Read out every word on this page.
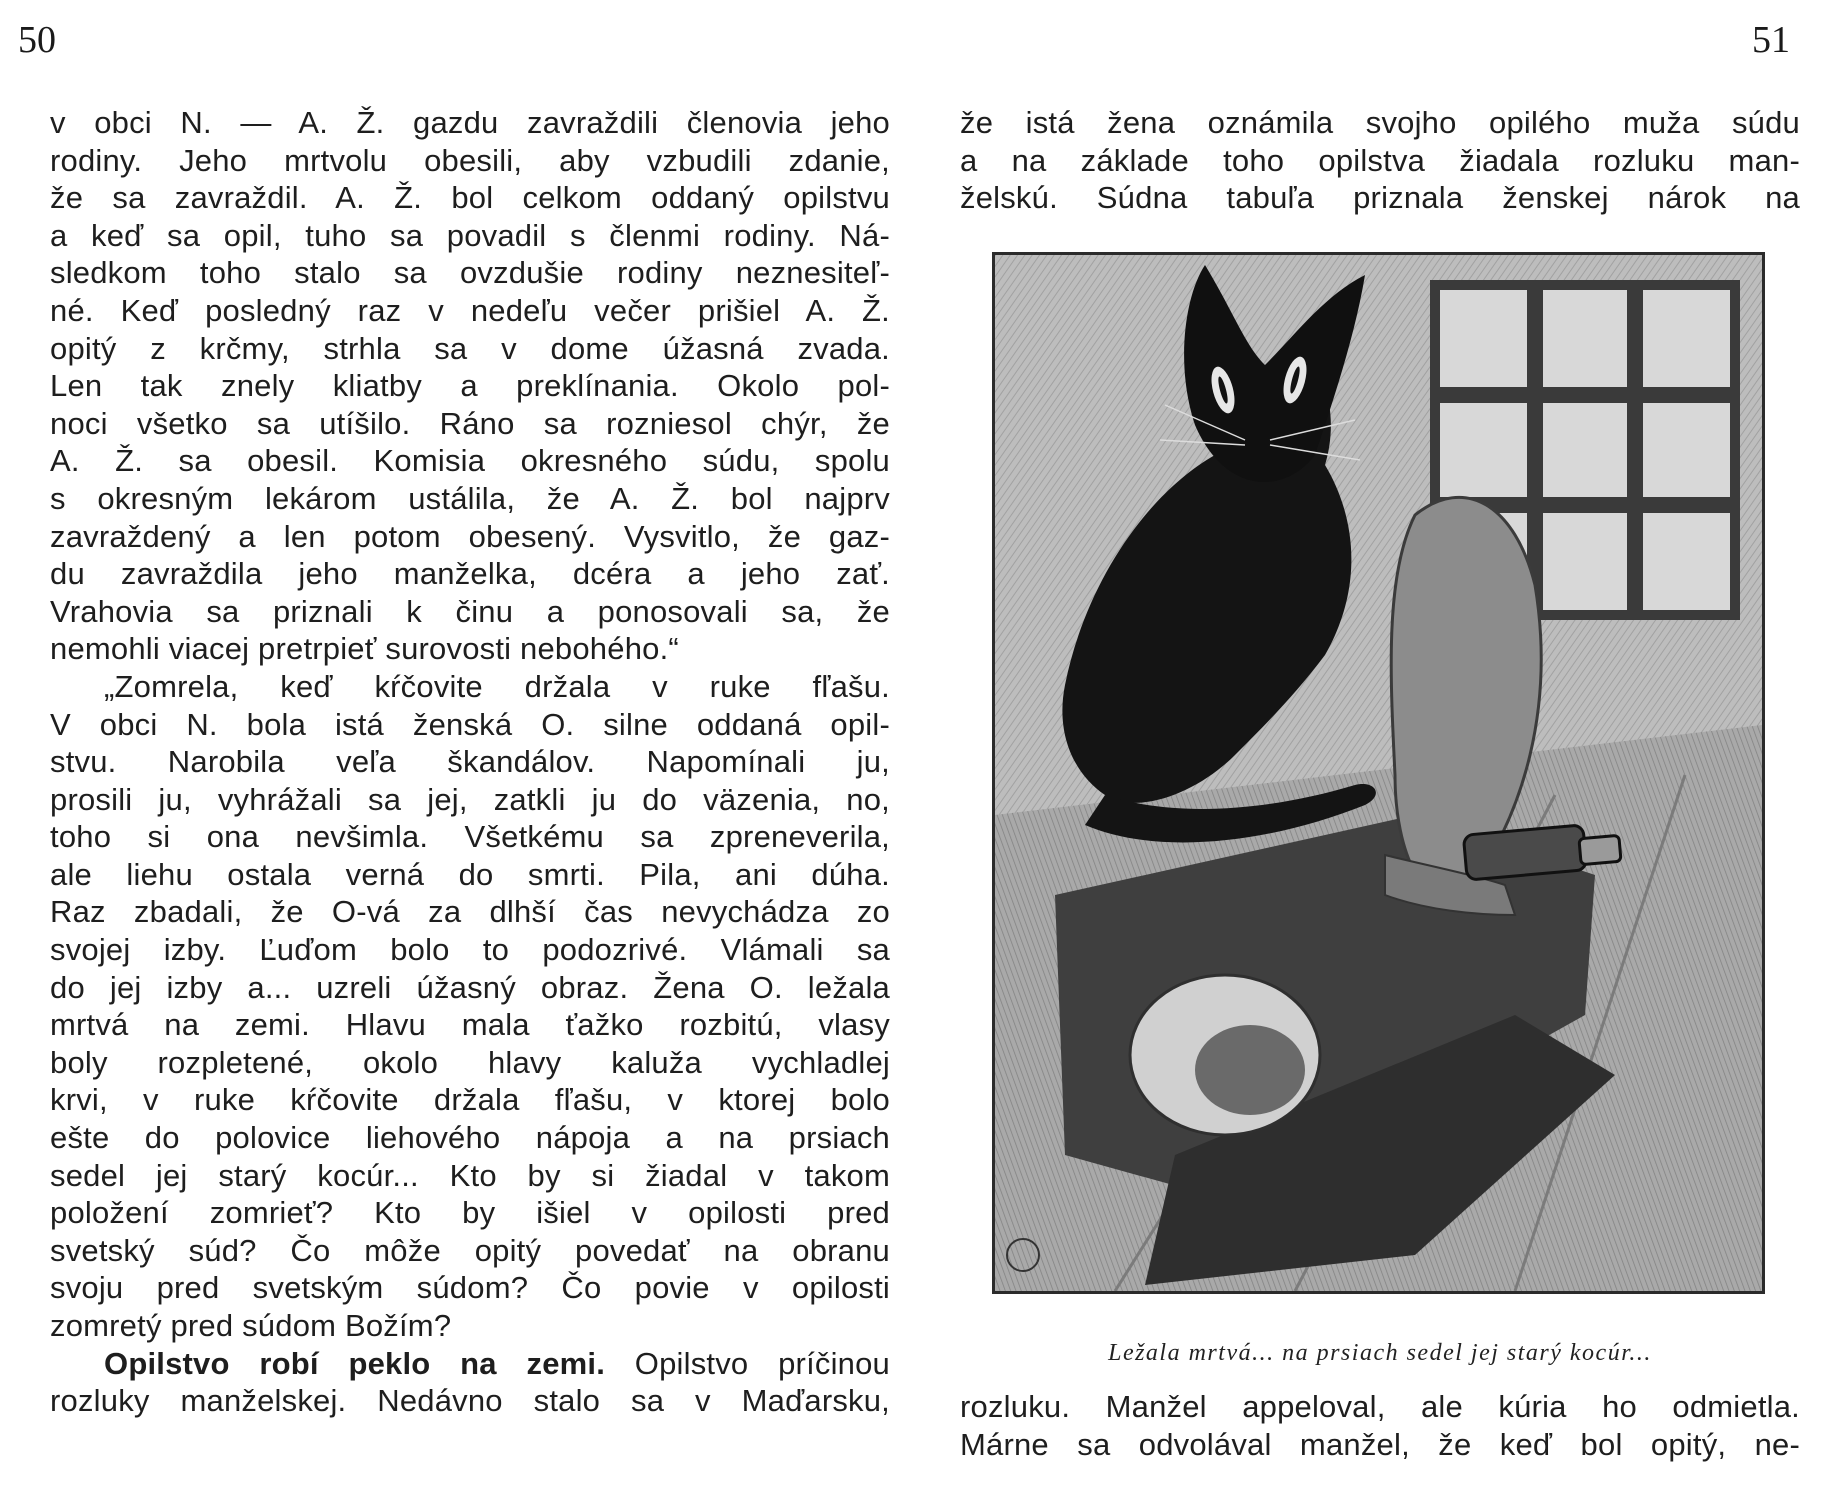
50
v obci N. — A. Ž. gazdu zavraždili členovia jeho
rodiny. Jeho mrtvolu obesili, aby vzbudili zdanie,
že sa zavraždil. A. Ž. bol celkom oddaný opilstvu
a keď sa opil, tuho sa povadil s členmi rodiny. Ná-
sledkom toho stalo sa ovzdušie rodiny neznesiteľ-
né. Keď posledný raz v nedeľu večer prišiel A. Ž.
opitý z krčmy, strhla sa v dome úžasná zvada.
Len tak znely kliatby a preklínania. Okolo pol-
noci všetko sa utíšilo. Ráno sa rozniesol chýr, že
A. Ž. sa obesil. Komisia okresného súdu, spolu
s okresným lekárom ustálila, že A. Ž. bol najprv
zavraždený a len potom obesený. Vysvitlo, že gaz-
du zavraždila jeho manželka, dcéra a jeho zať.
Vrahovia sa priznali k činu a ponosovali sa, že
nemohli viacej pretrpieť surovosti nebohého.“
„Zomrela, keď kŕčovite držala v ruke fľašu.
V obci N. bola istá ženská O. silne oddaná opil-
stvu. Narobila veľa škandálov. Napomínali ju,
prosili ju, vyhrážali sa jej, zatkli ju do väzenia, no,
toho si ona nevšimla. Všetkému sa zpreneverila,
ale liehu ostala verná do smrti. Pila, ani dúha.
Raz zbadali, že O-vá za dlhší čas nevychádza zo
svojej izby. Ľuďom bolo to podozrivé. Vlámali sa
do jej izby a... uzreli úžasný obraz. Žena O. ležala
mrtvá na zemi. Hlavu mala ťažko rozbitú, vlasy
boly rozpletené, okolo hlavy kaluža vychladlej
krvi, v ruke kŕčovite držala fľašu, v ktorej bolo
ešte do polovice liehového nápoja a na prsiach
sedel jej starý kocúr... Kto by si žiadal v takom
položení zomrieť? Kto by išiel v opilosti pred
svetský súd? Čo môže opitý povedať na obranu
svoju pred svetským súdom? Čo povie v opilosti
zomretý pred súdom Božím?
Opilstvo robí peklo na zemi. Opilstvo príčinou
rozluky manželskej. Nedávno stalo sa v Maďarsku,
51
že istá žena oznámila svojho opilého muža súdu
a na základe toho opilstva žiadala rozluku man-
želskú. Súdna tabuľa priznala ženskej nárok na
Ležala mrtvá... na prsiach sedel jej starý kocúr...
rozluku. Manžel appeloval, ale kúria ho odmietla.
Márne sa odvolával manžel, že keď bol opitý, ne-
